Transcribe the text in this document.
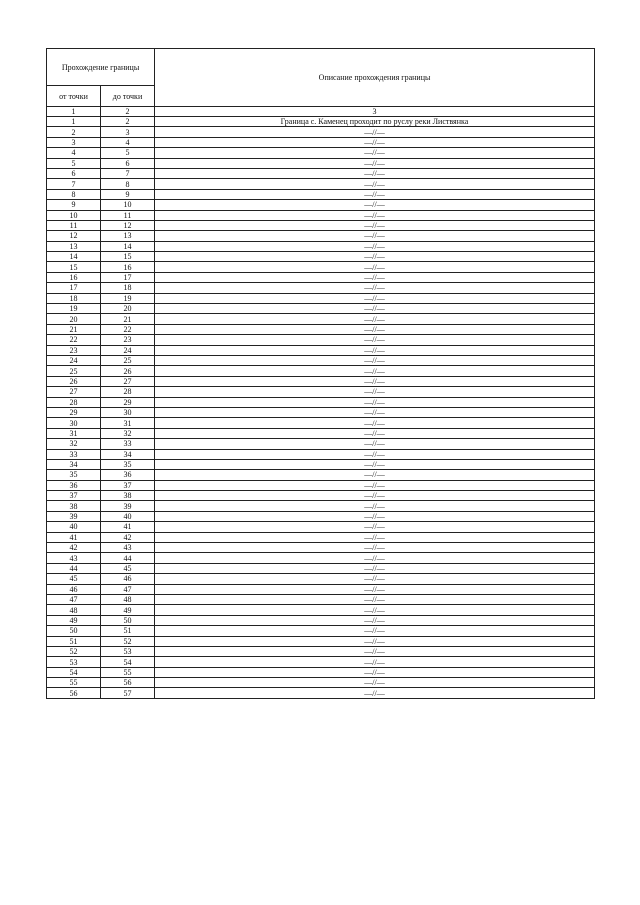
Прохождение границы		Описание прохождения границы
от точки	до точки	
1	2	3
1	2	Граница с. Каменец проходит по руслу реки Листвянка
2	3	—//—
3	4	—//—
4	5	—//—
5	6	—//—
6	7	—//—
7	8	—//—
8	9	—//—
9	10	—//—
10	11	—//—
11	12	—//—
12	13	—//—
13	14	—//—
14	15	—//—
15	16	—//—
16	17	—//—
17	18	—//—
18	19	—//—
19	20	—//—
20	21	—//—
21	22	—//—
22	23	—//—
23	24	—//—
24	25	—//—
25	26	—//—
26	27	—//—
27	28	—//—
28	29	—//—
29	30	—//—
30	31	—//—
31	32	—//—
32	33	—//—
33	34	—//—
34	35	—//—
35	36	—//—
36	37	—//—
37	38	—//—
38	39	—//—
39	40	—//—
40	41	—//—
41	42	—//—
42	43	—//—
43	44	—//—
44	45	—//—
45	46	—//—
46	47	—//—
47	48	—//—
48	49	—//—
49	50	—//—
50	51	—//—
51	52	—//—
52	53	—//—
53	54	—//—
54	55	—//—
55	56	—//—
56	57	—//—
